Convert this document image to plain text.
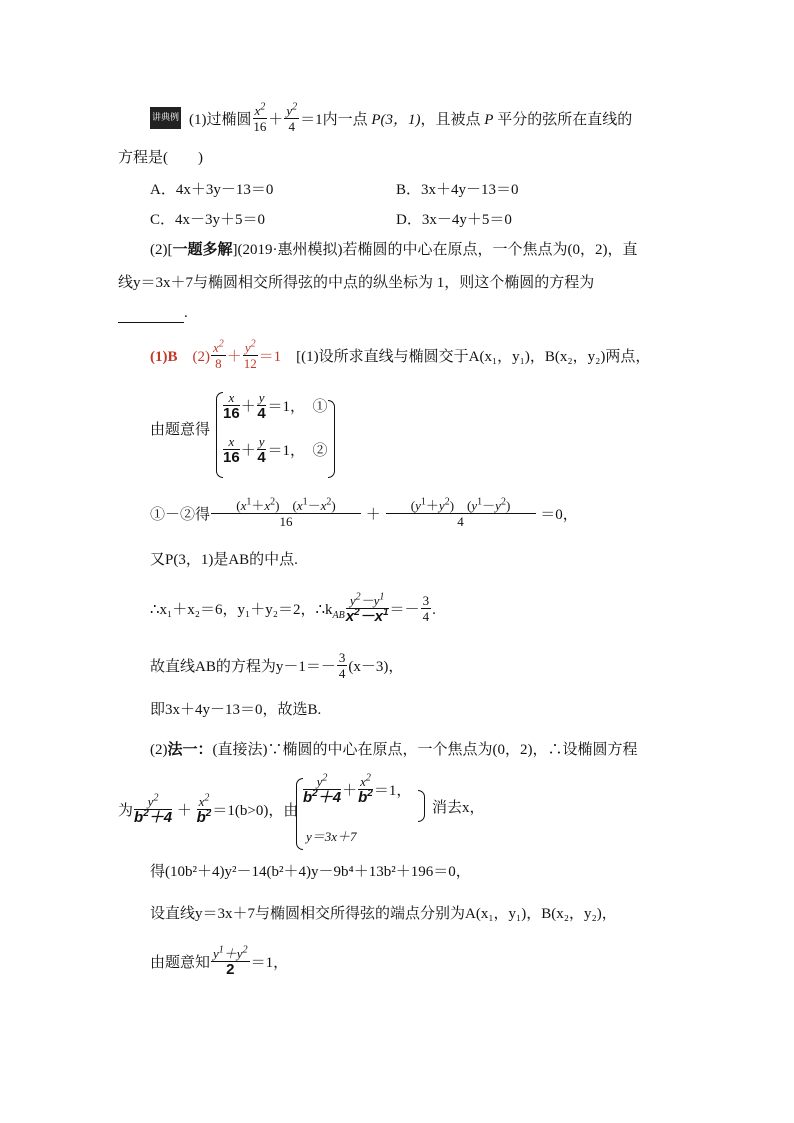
讲典例 (1)过椭圆 $\frac{x^2}{16} + \frac{y^2}{4} =1$内一点 P(3，1)，且被点 P 平分的弦所在直线的
方程是(　　)
A．4x＋3y－13＝0	B．3x＋4y－13＝0
C．4x－3y＋5＝0	D．3x－4y＋5＝0
(2)[一题多解](2019·惠州模拟)若椭圆的中心在原点，一个焦点为(0，2)，直
线y＝3x＋7与椭圆相交所得弦的中点的纵坐标为 1，则这个椭圆的方程为
.
(1)B　 $(2) \frac{x^2}{8} + \frac{y^2}{12} =1$　 [(1)设所求直线与椭圆交于A(x₁，y₁)，B(x₂，y₂)两点，
由题意得
$\frac{x}{16} + \frac{y}{4} =1$，　①
$\frac{x}{16} + \frac{y}{4} =1$，　②
①－②得 $\frac{(x^1+x^2) (x^1-x^2)}{16} + \frac{(y^1+y^2) (y^1-y^2)}{4} =0$，
又P(3，1)是AB的中点.
∴x₁＋x₂＝6，y₁＋y₂＝2，$\therefore k_{AB} \frac{y^2-y^1}{x^2-x^1} =- \frac{3}{4}$ .
故直线AB的方程为$y-1=- \frac{3}{4} (x-3)$，
即3x＋4y－13＝0，故选B.
(2)法一：(直接法)∵椭圆的中心在原点，一个焦点为(0，2)，∴设椭圆方程
为 $\frac{y^2}{b^2+4} + \frac{x^2}{b^2} =1(b>0)$，由
$\frac{y^2}{b^2+4} + \frac{x^2}{b^2} =1$，
y＝3x＋7
消去x，
得(10b²＋4)y²－14(b²＋4)y－9b⁴＋13b²＋196＝0，
设直线y＝3x＋7与椭圆相交所得弦的端点分别为A(x₁，y₁)，B(x₂，y₂)，
由题意知 $\frac{y^1+y^2}{2} =1$，
